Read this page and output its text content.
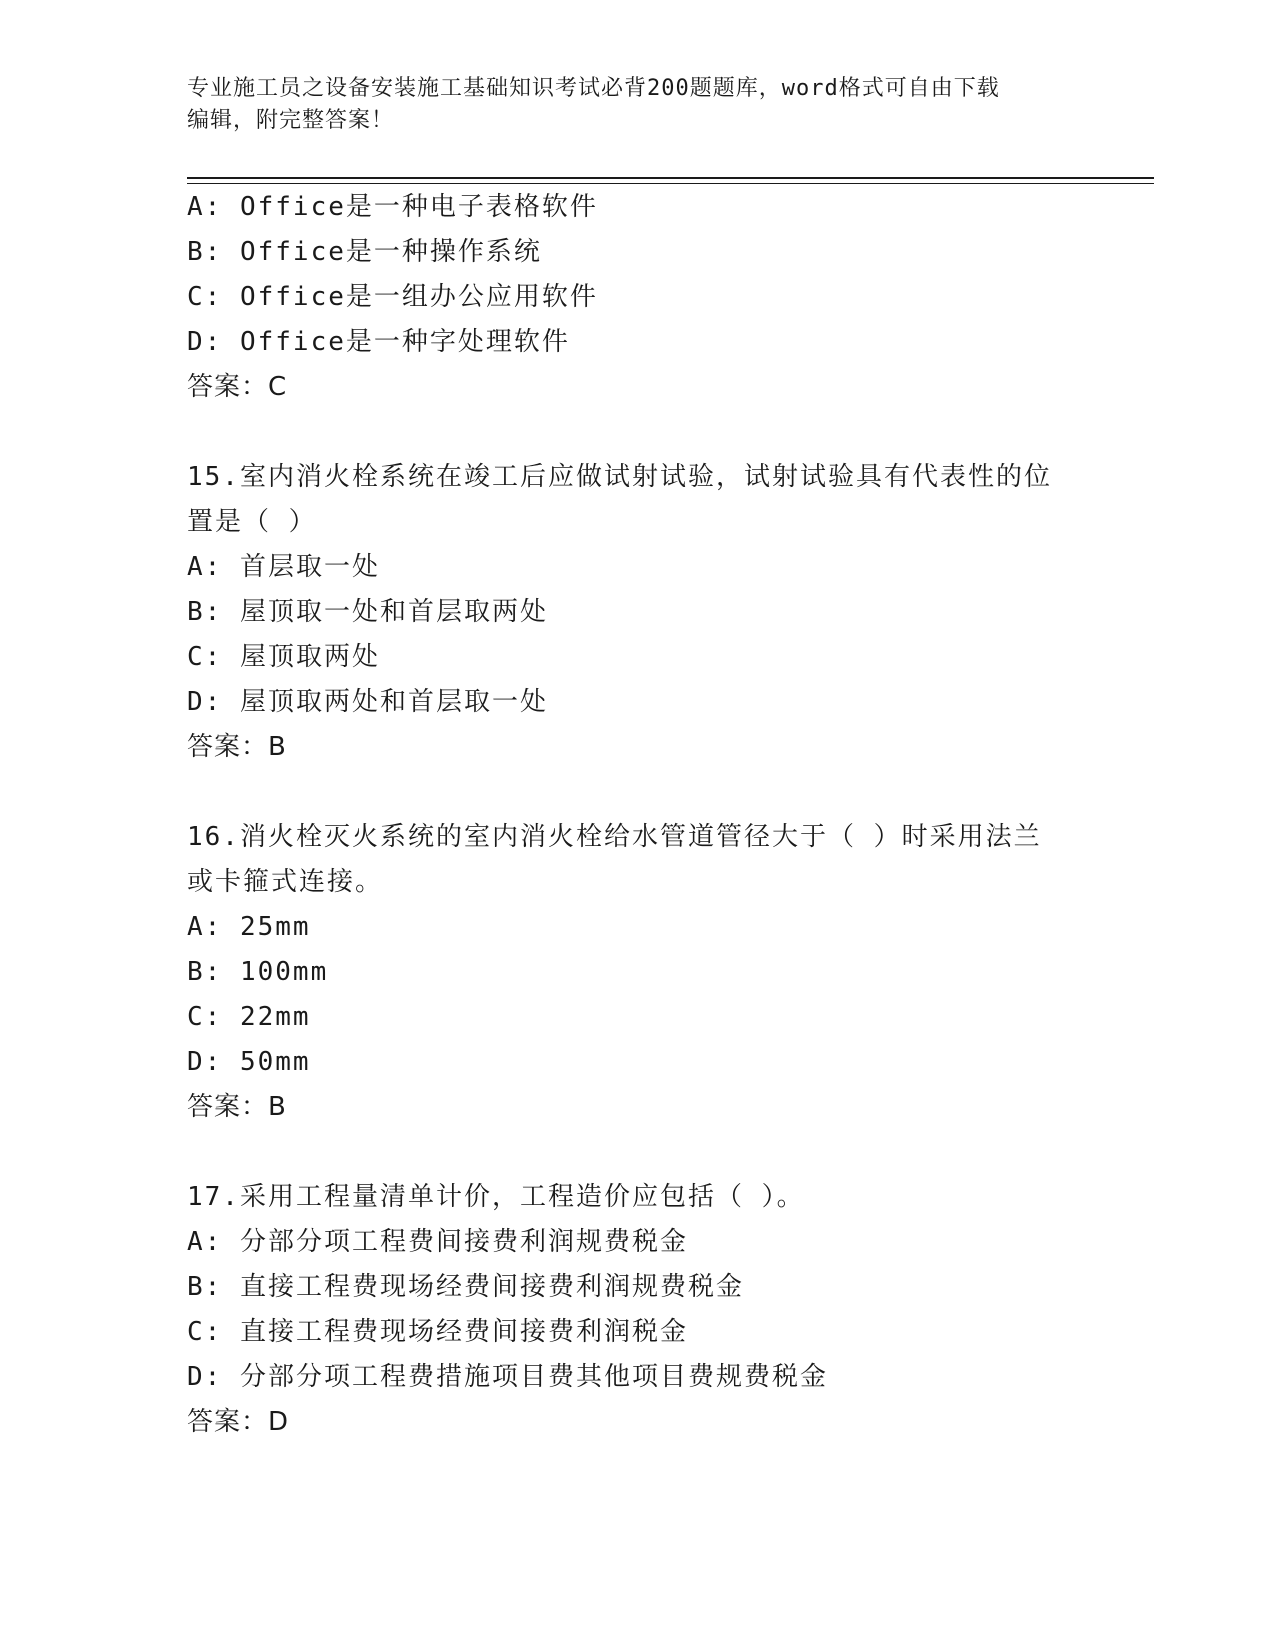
专业施工员之设备安装施工基础知识考试必背200题题库，word格式可自由下载
编辑，附完整答案！
A: Office是一种电子表格软件
B: Office是一种操作系统
C: Office是一组办公应用软件
D: Office是一种字处理软件
答案：C
15.室内消火栓系统在竣工后应做试射试验，试射试验具有代表性的位
置是（ ）
A: 首层取一处
B: 屋顶取一处和首层取两处
C: 屋顶取两处
D: 屋顶取两处和首层取一处
答案：B
16.消火栓灭火系统的室内消火栓给水管道管径大于（ ）时采用法兰
或卡箍式连接。
A: 25mm
B: 100mm
C: 22mm
D: 50mm
答案：B
17.采用工程量清单计价，工程造价应包括（ ）。
A: 分部分项工程费间接费利润规费税金
B: 直接工程费现场经费间接费利润规费税金
C: 直接工程费现场经费间接费利润税金
D: 分部分项工程费措施项目费其他项目费规费税金
答案：D
